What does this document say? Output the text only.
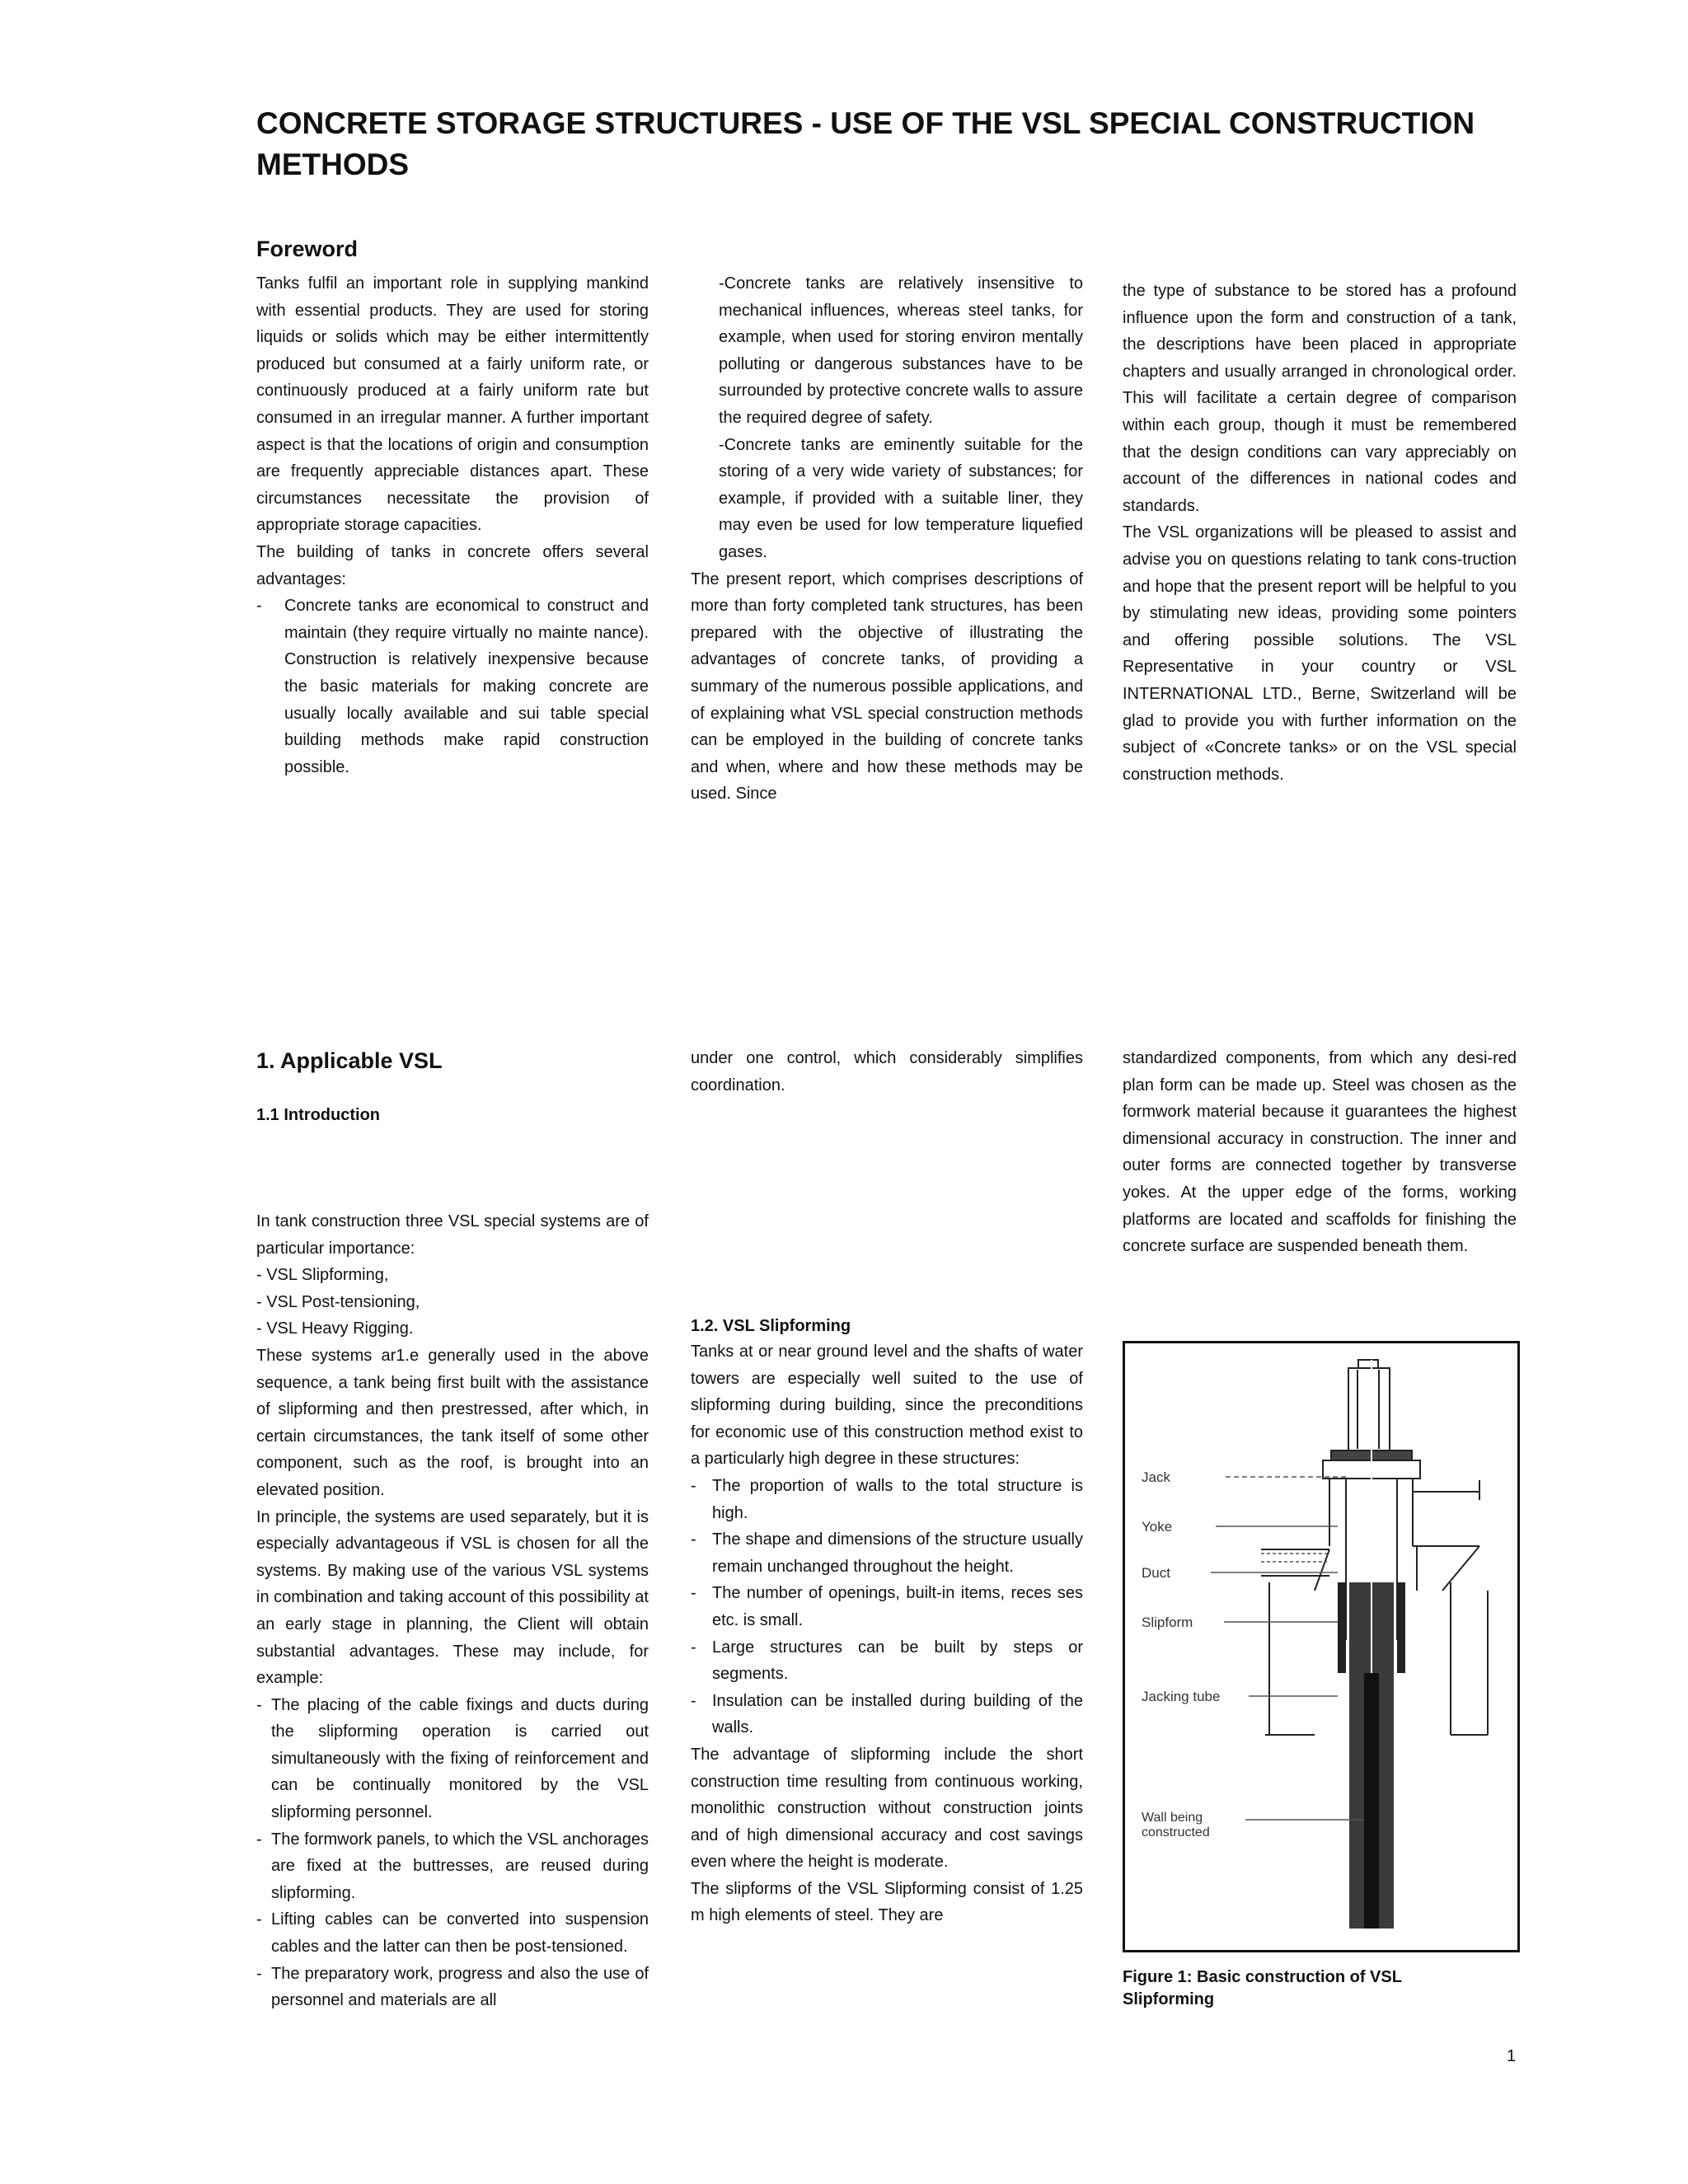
CONCRETE STORAGE STRUCTURES - USE OF THE VSL SPECIAL CONSTRUCTION METHODS
Foreword

Tanks fulfil an important role in supplying mankind with essential products. They are used for storing liquids or solids which may be either intermittently produced but consumed at a fairly uniform rate, or continuously produced at a fairly uniform rate but consumed in an irregular manner. A further important aspect is that the locations of origin and consumption are frequently appreciable distances apart. These circumstances necessitate the provision of appropriate storage capacities.

The building of tanks in concrete offers several advantages:

-	Concrete tanks are economical to construct and maintain (they require virtually no mainte nance). Construction is relatively inexpensive because the basic materials for making concrete are usually locally available and sui table special building methods make rapid construction possible.

-Concrete tanks are relatively insensitive to mechanical influences, whereas steel tanks, for example, when used for storing environ mentally polluting or dangerous substances have to be surrounded by protective concrete walls to assure the required degree of safety.

-Concrete tanks are eminently suitable for the storing of a very wide variety of substances; for example, if provided with a suitable liner, they may even be used for low temperature liquefied gases.

The present report, which comprises descriptions of more than forty completed tank structures, has been prepared with the objective of illustrating the advantages of concrete tanks, of providing a summary of the numerous possible applications, and of explaining what VSL special construction methods can be employed in the building of concrete tanks and when, where and how these methods may be used. Since

the type of substance to be stored has a profound influence upon the form and construction of a tank, the descriptions have been placed in appropriate chapters and usually arranged in chronological order. This will facilitate a certain degree of comparison within each group, though it must be remembered that the design conditions can vary appreciably on account of the differences in national codes and standards.

The VSL organizations will be pleased to assist and advise you on questions relating to tank cons-truction and hope that the present report will be helpful to you by stimulating new ideas, providing some pointers and offering possible solutions. The VSL Representative in your country or VSL INTERNATIONAL LTD., Berne, Switzerland will be glad to provide you with further information on the subject of «Concrete tanks» or on the VSL special construction methods.

1. Applicable VSL
1.1 Introduction

In tank construction three VSL special systems are of particular importance:

- VSL Slipforming,

- VSL Post-tensioning,

- VSL Heavy Rigging.

These systems ar1.e generally used in the above sequence, a tank being first built with the assistance of slipforming and then prestressed, after which, in certain circumstances, the tank itself of some other component, such as the roof, is brought into an elevated position.

In principle, the systems are used separately, but it is especially advantageous if VSL is chosen for all the systems. By making use of the various VSL systems in combination and taking account of this possibility at an early stage in planning, the Client will obtain substantial advantages. These may include, for example:

- The placing of the cable fixings and ducts during the slipforming operation is carried out simultaneously with the fixing of reinforcement and can be continually monitored by the VSL slipforming personnel.
- The formwork panels, to which the VSL anchorages are fixed at the buttresses, are reused during slipforming.
- Lifting cables can be converted into suspension cables and the latter can then be post-tensioned.
- The preparatory work, progress and also the use of personnel and materials are all

under one control, which considerably simplifies coordination.

1.2. VSL Slipforming

Tanks at or near ground level and the shafts of water towers are especially well suited to the use of slipforming during building, since the preconditions for economic use of this construction method exist to a particularly high degree in these structures:

- The proportion of walls to the total structure is high.
- The shape and dimensions of the structure usually remain unchanged throughout the height.
- The number of openings, built-in items, reces ses etc. is small.
- Large structures can be built by steps or segments.
- Insulation can be installed during building of the walls.

The advantage of slipforming include the short construction time resulting from continuous working, monolithic construction without construction joints and of high dimensional accuracy and cost savings even where the height is moderate.

The slipforms of the VSL Slipforming consist of 1.25 m high elements of steel. They are

standardized components, from which any desi-red plan form can be made up. Steel was chosen as the formwork material because it guarantees the highest dimensional accuracy in construction. The inner and outer forms are connected together by transverse yokes. At the upper edge of the forms, working platforms are located and scaffolds for finishing the concrete surface are suspended beneath them.

Jack
Yoke
Duct
Slipform
Jacking tube
Wall being
constructed
Figure 1: Basic construction of VSL Slipforming
1
